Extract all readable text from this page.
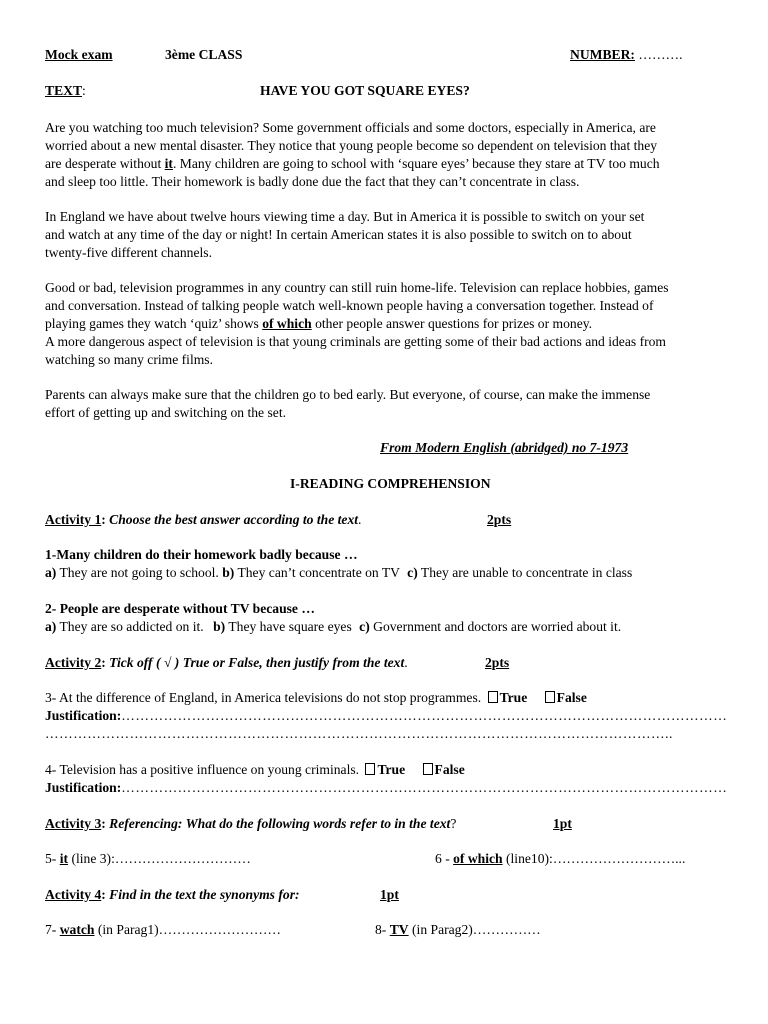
Mock exam	3ème CLASS	NUMBER: ……….
TEXT:	HAVE YOU GOT SQUARE EYES?
Are you watching too much television? Some government officials and some doctors, especially in America, are
worried about a new mental disaster. They notice that young people become so dependent on television that they
are desperate without it. Many children are going to school with ‘square eyes’ because they stare at TV too much
and sleep too little. Their homework is badly done due the fact that they can’t concentrate in class.
In England we have about twelve hours viewing time a day. But in America it is possible to switch on your set
and watch at any time of the day or night! In certain American states it is also possible to switch on to about
twenty-five different channels.
Good or bad, television programmes in any country can still ruin home-life. Television can replace hobbies, games
and conversation. Instead of talking people watch well-known people having a conversation together. Instead of
playing games they watch ‘quiz’ shows of which other people answer questions for prizes or money.
A more dangerous aspect of television is that young criminals are getting some of their bad actions and ideas from
watching so many crime films.
Parents can always make sure that the children go to bed early. But everyone, of course, can make the immense
effort of getting up and switching on the set.
From Modern English (abridged) no 7-1973
I-READING COMPREHENSION
Activity 1: Choose the best answer according to the text.	2pts
1-Many children do their homework badly because …
a) They are not going to school. b) They can’t concentrate on TV c) They are unable to concentrate in class
2- People are desperate without TV because …
a) They are so addicted on it. b) They have square eyes c) Government and doctors are worried about it.
Activity 2: Tick off ( √ ) True or False, then justify from the text.	2pts
3- At the difference of England, in America televisions do not stop programmes. True False
Justification:…………………………………………………………………………………………………………………
……………………………………………………………………………………………………………………..
4- Television has a positive influence on young criminals. True False
Justification:…………………………………………………………………………………………………………………
Activity 3: Referencing: What do the following words refer to in the text?	1pt
5- it (line 3):…………………………	6 - of which (line10):………………………...
Activity 4: Find in the text the synonyms for:	1pt
7- watch (in Parag1)………………………	8- TV (in Parag2)……………
